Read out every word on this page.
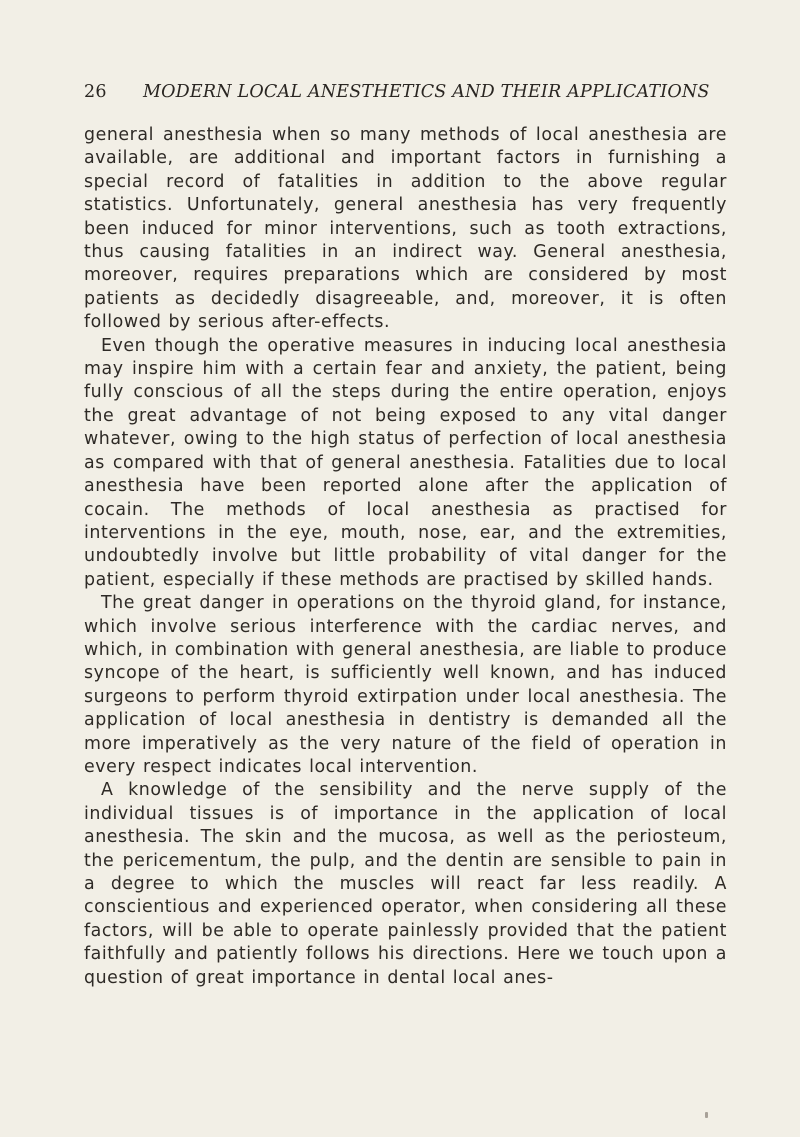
26 MODERN LOCAL ANESTHETICS AND THEIR APPLICATIONS

general anesthesia when so many methods of local anesthesia are available, are additional and important factors in furnishing a special record of fatalities in addition to the above regular statistics. Unfortunately, general anesthesia has very frequently been induced for minor interventions, such as tooth extractions, thus causing fatalities in an indirect way. General anesthesia, moreover, requires preparations which are considered by most patients as decidedly disagreeable, and, moreover, it is often followed by serious after-effects.

Even though the operative measures in inducing local anesthesia may inspire him with a certain fear and anxiety, the patient, being fully conscious of all the steps during the entire operation, enjoys the great advantage of not being exposed to any vital danger whatever, owing to the high status of perfection of local anesthesia as compared with that of general anesthesia. Fatalities due to local anesthesia have been reported alone after the application of cocain. The methods of local anesthesia as practised for interventions in the eye, mouth, nose, ear, and the extremities, undoubtedly involve but little probability of vital danger for the patient, especially if these methods are practised by skilled hands.

The great danger in operations on the thyroid gland, for instance, which involve serious interference with the cardiac nerves, and which, in combination with general anesthesia, are liable to produce syncope of the heart, is sufficiently well known, and has induced surgeons to perform thyroid extirpation under local anesthesia. The application of local anesthesia in dentistry is demanded all the more imperatively as the very nature of the field of operation in every respect indicates local intervention.

A knowledge of the sensibility and the nerve supply of the individual tissues is of importance in the application of local anesthesia. The skin and the mucosa, as well as the periosteum, the pericementum, the pulp, and the dentin are sensible to pain in a degree to which the muscles will react far less readily. A conscientious and experienced operator, when considering all these factors, will be able to operate painlessly provided that the patient faithfully and patiently follows his directions. Here we touch upon a question of great importance in dental local anes-
